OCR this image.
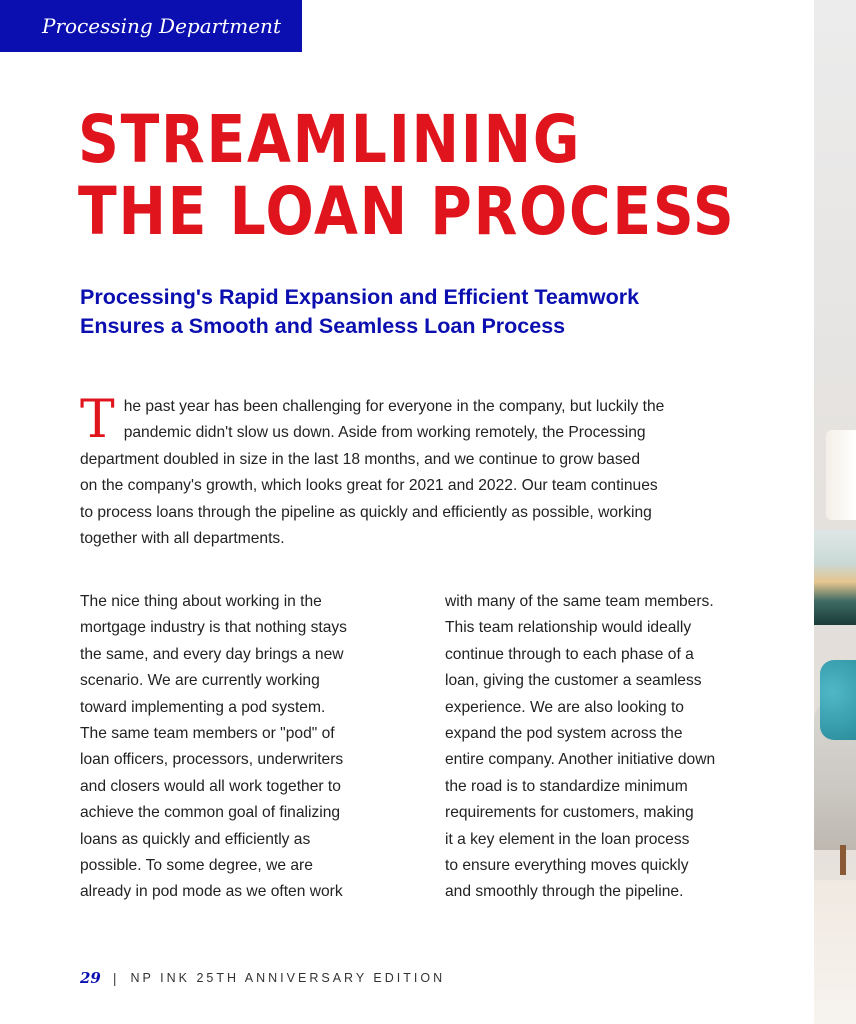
Processing Department
STREAMLINING
THE LOAN PROCESS
Processing's Rapid Expansion and Efficient Teamwork
Ensures a Smooth and Seamless Loan Process

T he past year has been challenging for everyone in the company, but luckily the
pandemic didn't slow us down. Aside from working remotely, the Processing
department doubled in size in the last 18 months, and we continue to grow based
on the company's growth, which looks great for 2021 and 2022. Our team continues
to process loans through the pipeline as quickly and efficiently as possible, working
together with all departments.

The nice thing about working in the
mortgage industry is that nothing stays
the same, and every day brings a new
scenario. We are currently working
toward implementing a pod system.
The same team members or "pod" of
loan officers, processors, underwriters
and closers would all work together to
achieve the common goal of finalizing
loans as quickly and efficiently as
possible. To some degree, we are
already in pod mode as we often work

with many of the same team members.
This team relationship would ideally
continue through to each phase of a
loan, giving the customer a seamless
experience. We are also looking to
expand the pod system across the
entire company. Another initiative down
the road is to standardize minimum
requirements for customers, making
it a key element in the loan process
to ensure everything moves quickly
and smoothly through the pipeline.

29 | NP INK 25TH ANNIVERSARY EDITION
